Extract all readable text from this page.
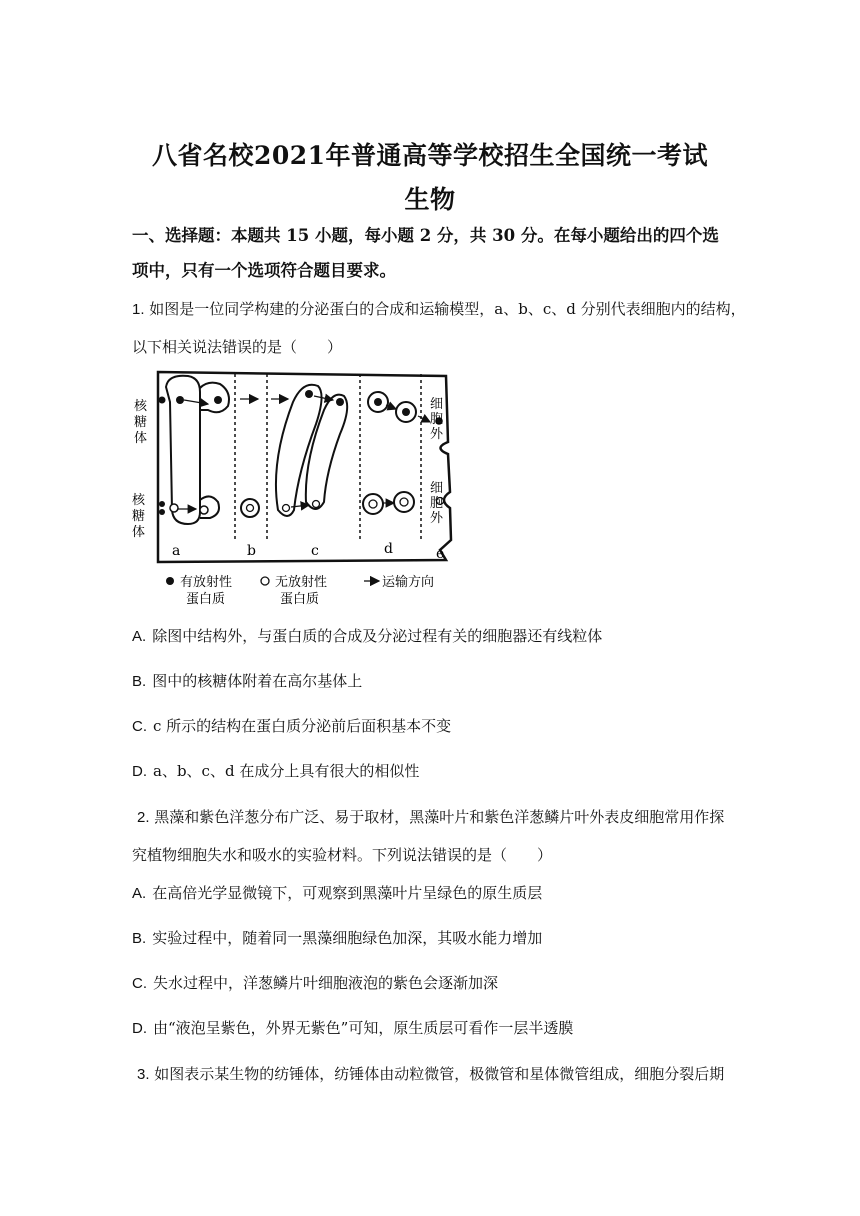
八省名校2021年普通高等学校招生全国统一考试
生物
一、选择题：本题共 15 小题，每小题 2 分，共 30 分。在每小题给出的四个选
项中，只有一个选项符合题目要求。
1. 如图是一位同学构建的分泌蛋白的合成和运输模型，a、b、c、d 分别代表细胞内的结构，
以下相关说法错误的是（　　）
核
糖
体
核
糖
体
细
胞
外
细
胞
外
a	b	c	d	e
有放射性
蛋白质
无放射性
蛋白质
运输方向
A. 除图中结构外，与蛋白质的合成及分泌过程有关的细胞器还有线粒体
B. 图中的核糖体附着在高尔基体上
C. c 所示的结构在蛋白质分泌前后面积基本不变
D. a、b、c、d 在成分上具有很大的相似性
2. 黑藻和紫色洋葱分布广泛、易于取材，黑藻叶片和紫色洋葱鳞片叶外表皮细胞常用作探
究植物细胞失水和吸水的实验材料。下列说法错误的是（　　）
A. 在高倍光学显微镜下，可观察到黑藻叶片呈绿色的原生质层
B. 实验过程中，随着同一黑藻细胞绿色加深，其吸水能力增加
C. 失水过程中，洋葱鳞片叶细胞液泡的紫色会逐渐加深
D. 由“液泡呈紫色，外界无紫色”可知，原生质层可看作一层半透膜
3. 如图表示某生物的纺锤体，纺锤体由动粒微管，极微管和星体微管组成，细胞分裂后期
